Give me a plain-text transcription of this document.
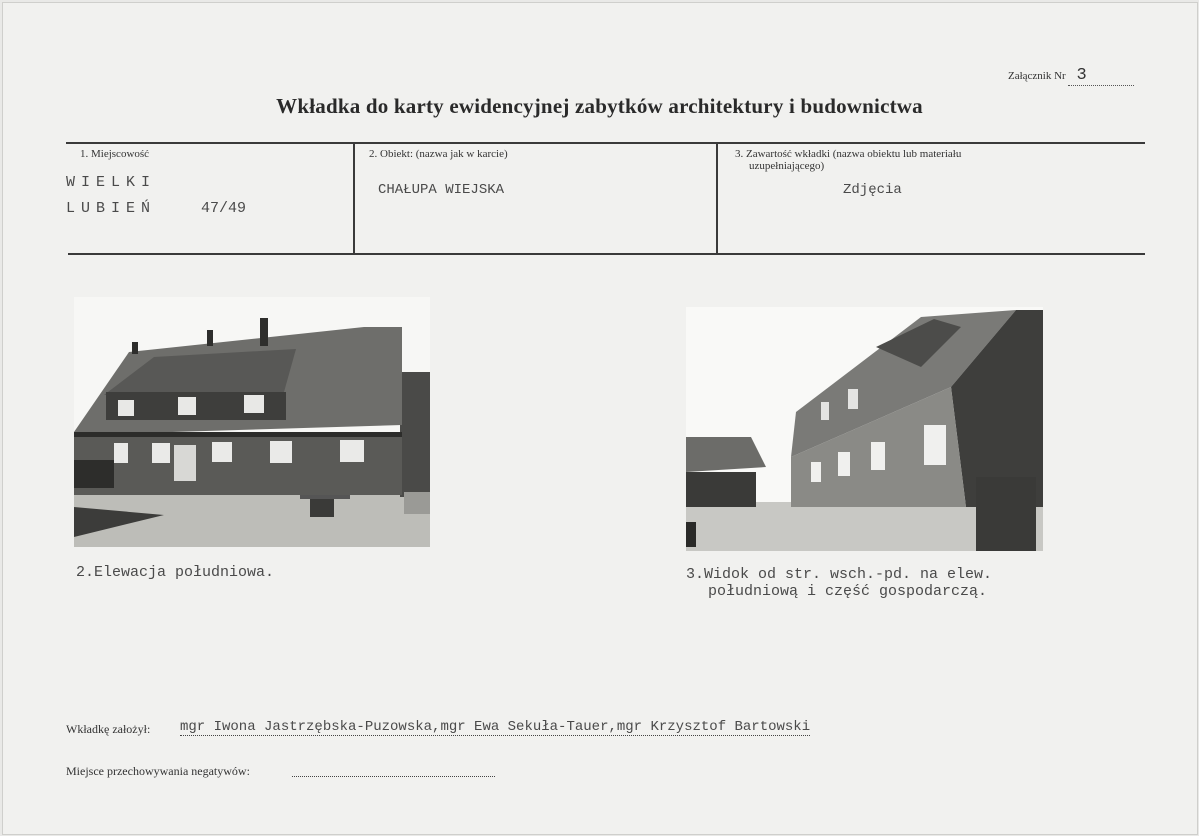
Załącznik Nr 3
Wkładka do karty ewidencyjnej zabytków architektury i budownictwa
1. Miejscowość
WIELKI
LUBIEŃ	47/49
2. Obiekt: (nazwa jak w karcie)
CHAŁUPA WIEJSKA
3. Zawartość wkładki (nazwa obiektu lub materiału
uzupełniającego)
Zdjęcia
2.Elewacja południowa.	3.Widok od str. wsch.-pd. na elew.
południową i część gospodarczą.
Wkładkę założył: mgr Iwona Jastrzębska-Puzowska,mgr Ewa Sekuła-Tauer,mgr Krzysztof Bartowski
Miejsce przechowywania negatywów:
